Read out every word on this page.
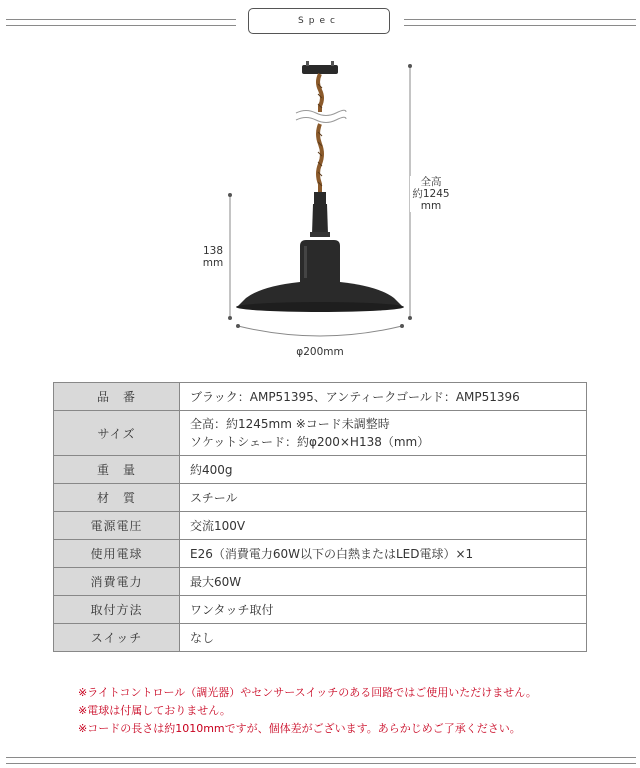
Spec
全高
約1245
mm
138
mm
φ200mm
品　番	ブラック：AMP51395、アンティークゴールド：AMP51396

サイズ	全高：約1245mm ※コード未調整時
ソケットシェード：約φ200×H138（mm）

重　量	約400g

材　質	スチール

電源電圧	交流100V

使用電球	E26（消費電力60W以下の白熱またはLED電球）×1

消費電力	最大60W

取付方法	ワンタッチ取付

スイッチ	なし
※ライトコントロール（調光器）やセンサースイッチのある回路ではご使用いただけません。
※電球は付属しておりません。
※コードの長さは約1010mmですが、個体差がございます。あらかじめご了承ください。
